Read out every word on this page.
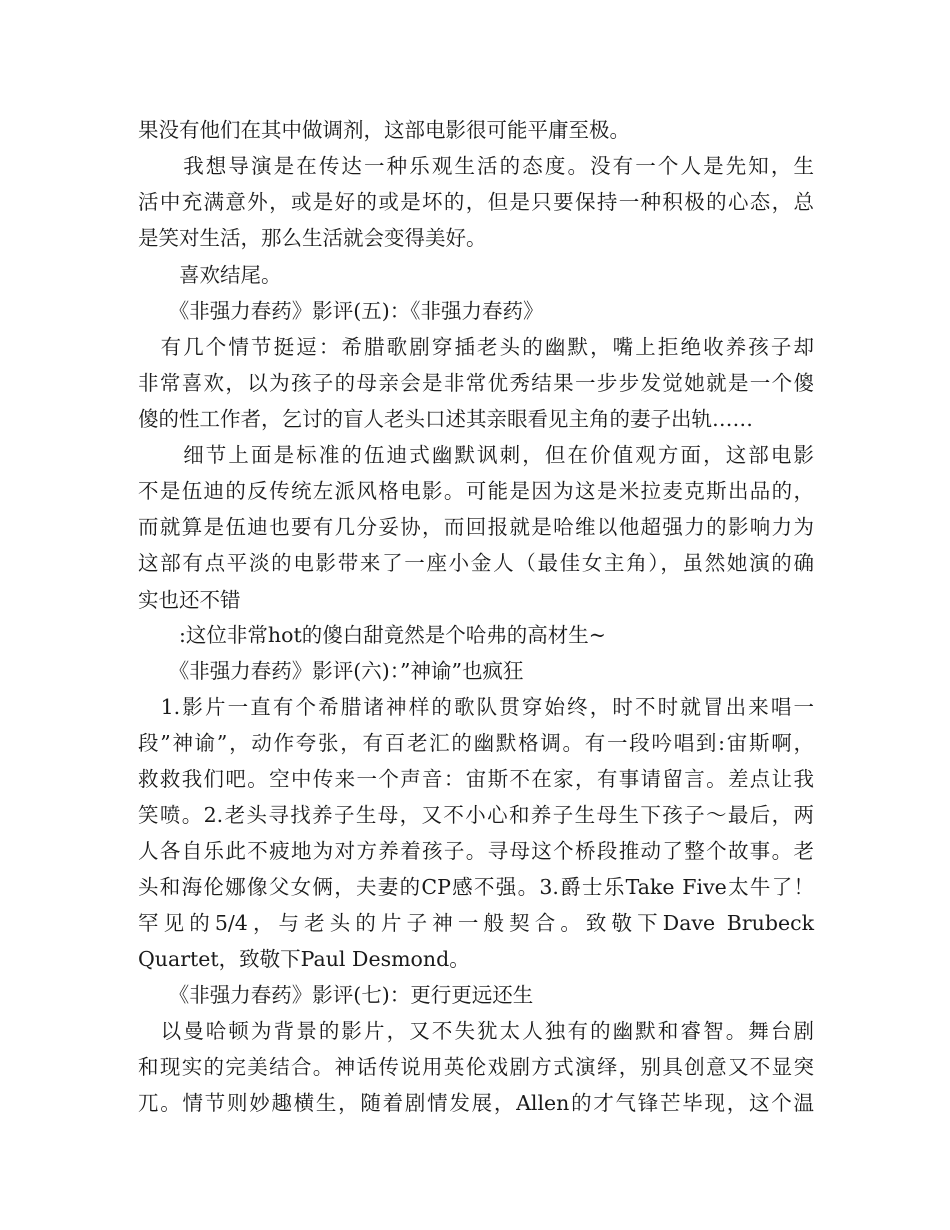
果没有他们在其中做调剂，这部电影很可能平庸至极。
　　我想导演是在传达一种乐观生活的态度。没有一个人是先知，生
活中充满意外，或是好的或是坏的，但是只要保持一种积极的心态，总
是笑对生活，那么生活就会变得美好。
　　喜欢结尾。
　　《非强力春药》影评(五)：《非强力春药》
　有几个情节挺逗：希腊歌剧穿插老头的幽默，嘴上拒绝收养孩子却
非常喜欢，以为孩子的母亲会是非常优秀结果一步步发觉她就是一个傻
傻的性工作者，乞讨的盲人老头口述其亲眼看见主角的妻子出轨……
　　细节上面是标准的伍迪式幽默讽刺，但在价值观方面，这部电影
不是伍迪的反传统左派风格电影。可能是因为这是米拉麦克斯出品的，
而就算是伍迪也要有几分妥协，而回报就是哈维以他超强力的影响力为
这部有点平淡的电影带来了一座小金人（最佳女主角），虽然她演的确
实也还不错
　　:这位非常hot的傻白甜竟然是个哈弗的高材生~
　　《非强力春药》影评(六)：”神谕”也疯狂
　1.影片一直有个希腊诸神样的歌队贯穿始终，时不时就冒出来唱一
段”神谕”，动作夸张，有百老汇的幽默格调。有一段吟唱到:宙斯啊，
救救我们吧。空中传来一个声音：宙斯不在家，有事请留言。差点让我
笑喷。2.老头寻找养子生母，又不小心和养子生母生下孩子～最后，两
人各自乐此不疲地为对方养着孩子。寻母这个桥段推动了整个故事。老
头和海伦娜像父女俩，夫妻的CP感不强。3.爵士乐Take Five太牛了！
罕见的5/4，与老头的片子神一般契合。致敬下Dave Brubeck
Quartet，致敬下Paul Desmond。
　　《非强力春药》影评(七)：更行更远还生
　以曼哈顿为背景的影片，又不失犹太人独有的幽默和睿智。舞台剧
和现实的完美结合。神话传说用英伦戏剧方式演绎，别具创意又不显突
兀。情节则妙趣横生，随着剧情发展，Allen的才气锋芒毕现，这个温
